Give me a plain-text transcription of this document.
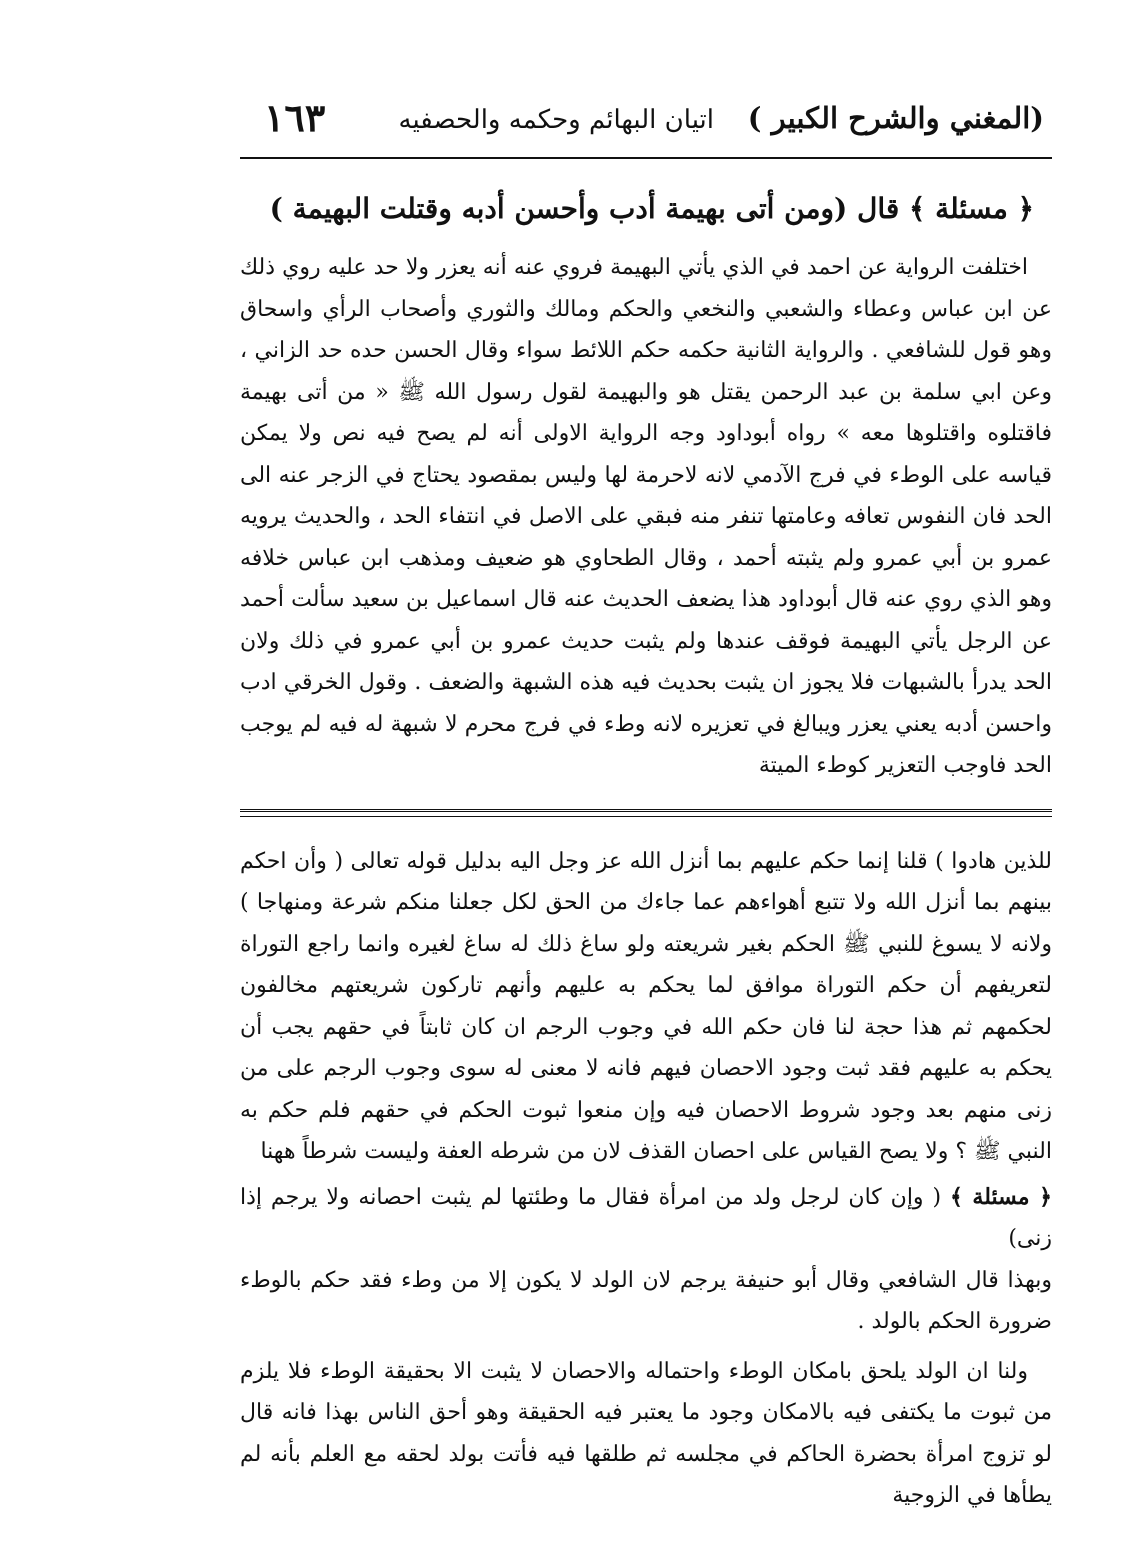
(المغني والشرح الكبير )
اتيان البهائم وحكمه والحصفيه
١٦٣
﴿ مسئلة ﴾ قال (ومن أتى بهيمة أدب وأحسن أدبه وقتلت البهيمة )

اختلفت الرواية عن احمد في الذي يأتي البهيمة فروي عنه أنه يعزر ولا حد عليه روي ذلك عن ابن عباس وعطاء والشعبي والنخعي والحكم ومالك والثوري وأصحاب الرأي واسحاق وهو قول للشافعي . والرواية الثانية حكمه حكم اللائط سواء وقال الحسن حده حد الزاني ، وعن ابي سلمة بن عبد الرحمن يقتل هو والبهيمة لقول رسول الله ﷺ « من أتى بهيمة فاقتلوه واقتلوها معه » رواه أبوداود وجه الرواية الاولى أنه لم يصح فيه نص ولا يمكن قياسه على الوطء في فرج الآدمي لانه لاحرمة لها وليس بمقصود يحتاج في الزجر عنه الى الحد فان النفوس تعافه وعامتها تنفر منه فبقي على الاصل في انتفاء الحد ، والحديث يرويه عمرو بن أبي عمرو ولم يثبته أحمد ، وقال الطحاوي هو ضعيف ومذهب ابن عباس خلافه وهو الذي روي عنه قال أبوداود هذا يضعف الحديث عنه قال اسماعيل بن سعيد سألت أحمد عن الرجل يأتي البهيمة فوقف عندها ولم يثبت حديث عمرو بن أبي عمرو في ذلك ولان الحد يدرأ بالشبهات فلا يجوز ان يثبت بحديث فيه هذه الشبهة والضعف . وقول الخرقي ادب واحسن أدبه يعني يعزر ويبالغ في تعزيره لانه وطء في فرج محرم لا شبهة له فيه لم يوجب الحد فاوجب التعزير كوطء الميتة

للذين هادوا ) قلنا إنما حكم عليهم بما أنزل الله عز وجل اليه بدليل قوله تعالى ( وأن احكم بينهم بما أنزل الله ولا تتبع أهواءهم عما جاءك من الحق لكل جعلنا منكم شرعة ومنهاجا ) ولانه لا يسوغ للنبي ﷺ الحكم بغير شريعته ولو ساغ ذلك له ساغ لغيره وانما راجع التوراة لتعريفهم أن حكم التوراة موافق لما يحكم به عليهم وأنهم تاركون شريعتهم مخالفون لحكمهم ثم هذا حجة لنا فان حكم الله في وجوب الرجم ان كان ثابتاً في حقهم يجب أن يحكم به عليهم فقد ثبت وجود الاحصان فيهم فانه لا معنى له سوى وجوب الرجم على من زنى منهم بعد وجود شروط الاحصان فيه وإن منعوا ثبوت الحكم في حقهم فلم حكم به النبي ﷺ ؟ ولا يصح القياس على احصان القذف لان من شرطه العفة وليست شرطاً ههنا

﴿ مسئلة ﴾ ( وإن كان لرجل ولد من امرأة فقال ما وطئتها لم يثبت احصانه ولا يرجم إذا زنى)

وبهذا قال الشافعي وقال أبو حنيفة يرجم لان الولد لا يكون إلا من وطء فقد حكم بالوطء ضرورة الحكم بالولد .

ولنا ان الولد يلحق بامكان الوطء واحتماله والاحصان لا يثبت الا بحقيقة الوطء فلا يلزم من ثبوت ما يكتفى فيه بالامكان وجود ما يعتبر فيه الحقيقة وهو أحق الناس بهذا فانه قال لو تزوج امرأة بحضرة الحاكم في مجلسه ثم طلقها فيه فأتت بولد لحقه مع العلم بأنه لم يطأها في الزوجية
